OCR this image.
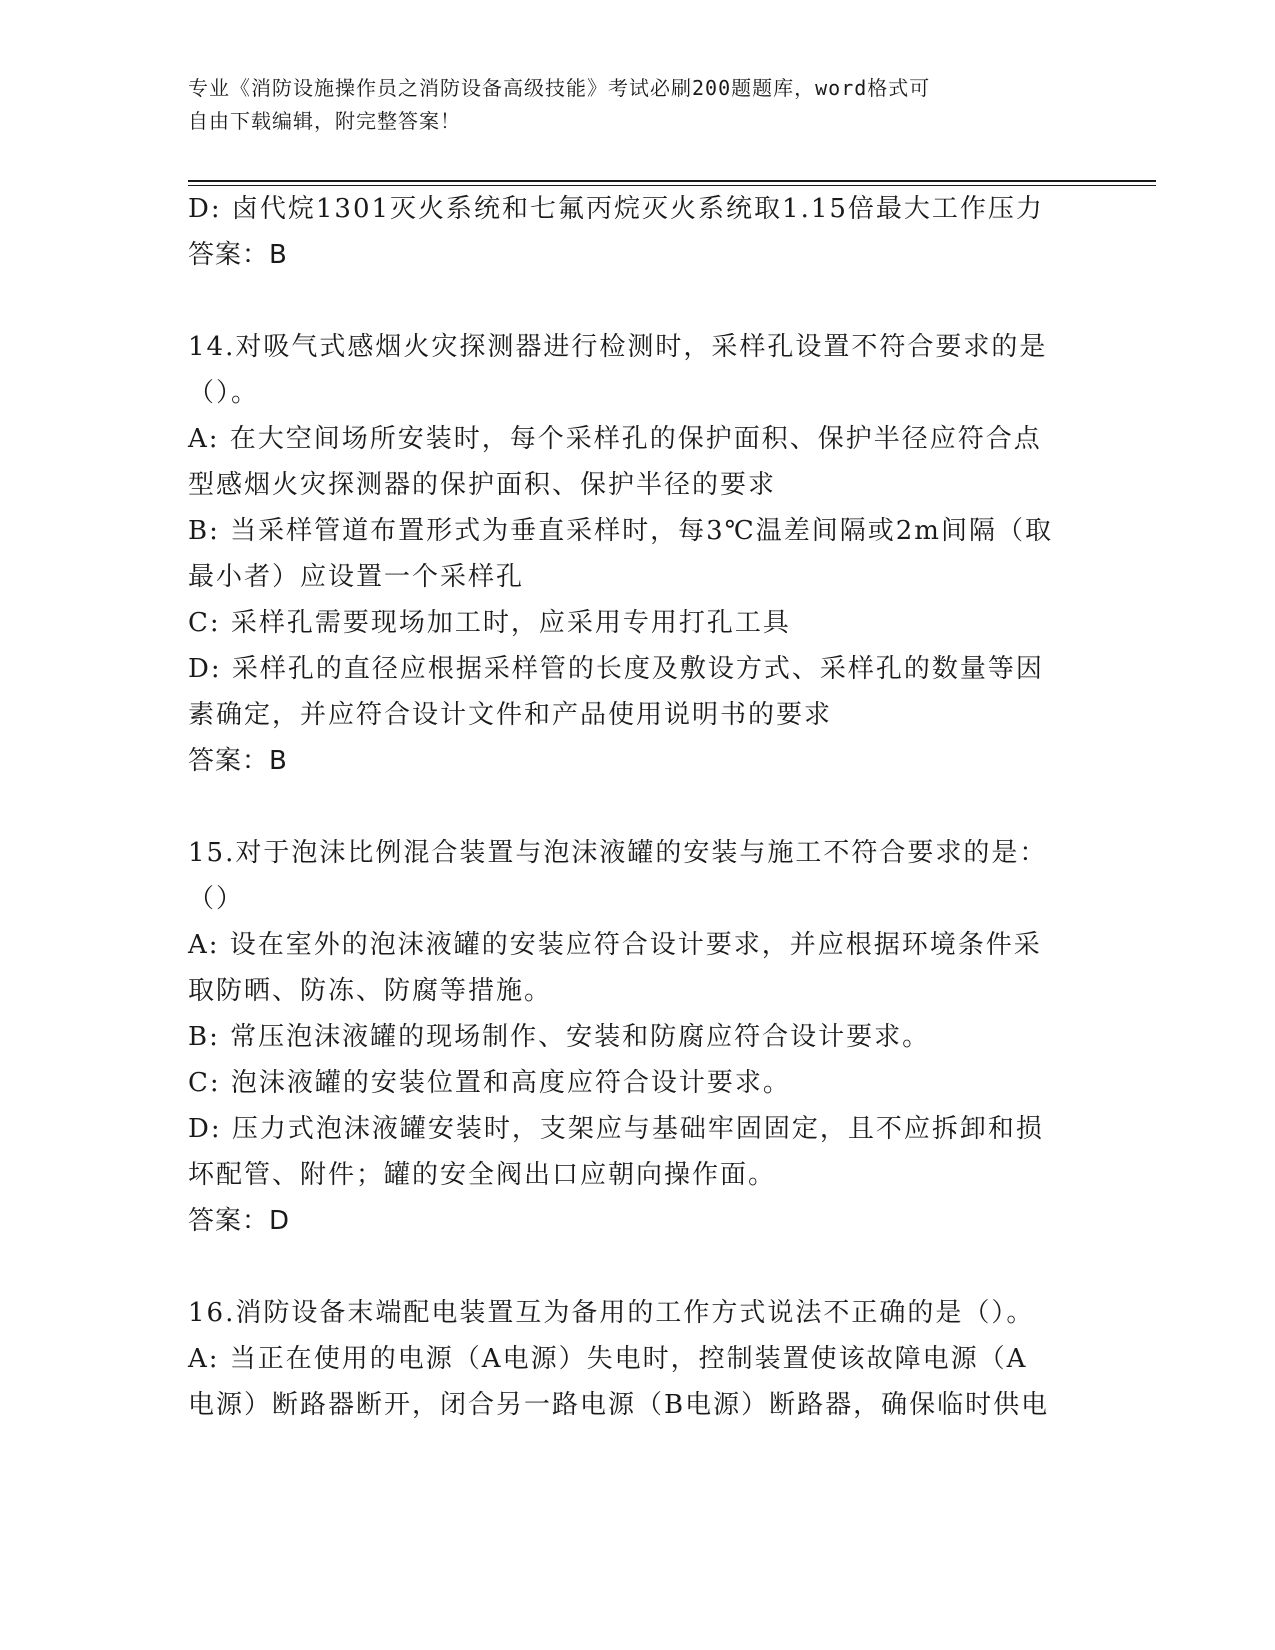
专业《消防设施操作员之消防设备高级技能》考试必刷200题题库，word格式可
自由下载编辑，附完整答案！
D: 卤代烷1301灭火系统和七氟丙烷灭火系统取1.15倍最大工作压力
答案：B
14.对吸气式感烟火灾探测器进行检测时，采样孔设置不符合要求的是
（）。
A: 在大空间场所安装时，每个采样孔的保护面积、保护半径应符合点
型感烟火灾探测器的保护面积、保护半径的要求
B: 当采样管道布置形式为垂直采样时，每3℃温差间隔或2m间隔（取
最小者）应设置一个采样孔
C: 采样孔需要现场加工时，应采用专用打孔工具
D: 采样孔的直径应根据采样管的长度及敷设方式、采样孔的数量等因
素确定，并应符合设计文件和产品使用说明书的要求
答案：B
15.对于泡沫比例混合装置与泡沫液罐的安装与施工不符合要求的是：
（）
A: 设在室外的泡沫液罐的安装应符合设计要求，并应根据环境条件采
取防晒、防冻、防腐等措施。
B: 常压泡沫液罐的现场制作、安装和防腐应符合设计要求。
C: 泡沫液罐的安装位置和高度应符合设计要求。
D: 压力式泡沫液罐安装时，支架应与基础牢固固定，且不应拆卸和损
坏配管、附件；罐的安全阀出口应朝向操作面。
答案：D
16.消防设备末端配电装置互为备用的工作方式说法不正确的是（）。
A: 当正在使用的电源（A电源）失电时，控制装置使该故障电源（A
电源）断路器断开，闭合另一路电源（B电源）断路器，确保临时供电
